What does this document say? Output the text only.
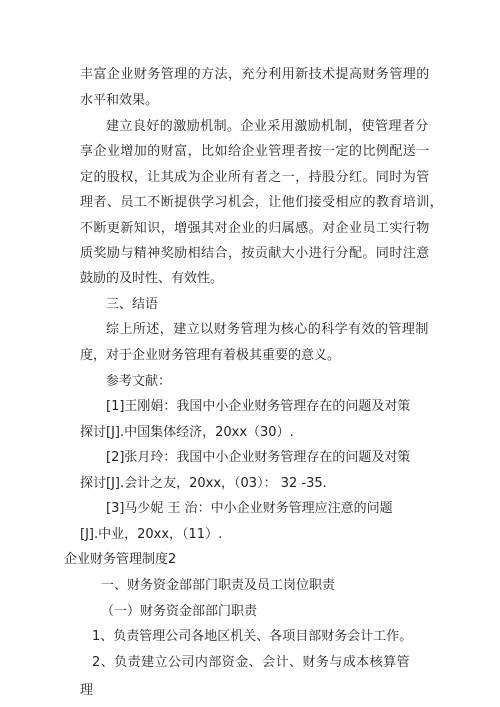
丰富企业财务管理的方法，充分利用新技术提高财务管理的
水平和效果。
建立良好的激励机制。企业采用激励机制，使管理者分
享企业增加的财富，比如给企业管理者按一定的比例配送一
定的股权，让其成为企业所有者之一，持股分红。同时为管
理者、员工不断提供学习机会，让他们接受相应的教育培训，
不断更新知识，增强其对企业的归属感。对企业员工实行物
质奖励与精神奖励相结合，按贡献大小进行分配。同时注意
鼓励的及时性、有效性。
三、结语
综上所述，建立以财务管理为核心的科学有效的管理制
度，对于企业财务管理有着极其重要的意义。
参考文献：
[1]王刚娟：我国中小企业财务管理存在的问题及对策
探讨[J].中国集体经济，20xx（30）.
[2]张月玲：我国中小企业财务管理存在的问题及对策
探讨[J].会计之友，20xx，（03）： 32 -35.
[3]马少妮 王 治：中小企业财务管理应注意的问题
[J].中业，20xx，（11）.
企业财务管理制度2
一、财务资金部部门职责及员工岗位职责
（一）财务资金部部门职责
1、负责管理公司各地区机关、各项目部财务会计工作。
2、负责建立公司内部资金、会计、财务与成本核算管
理
